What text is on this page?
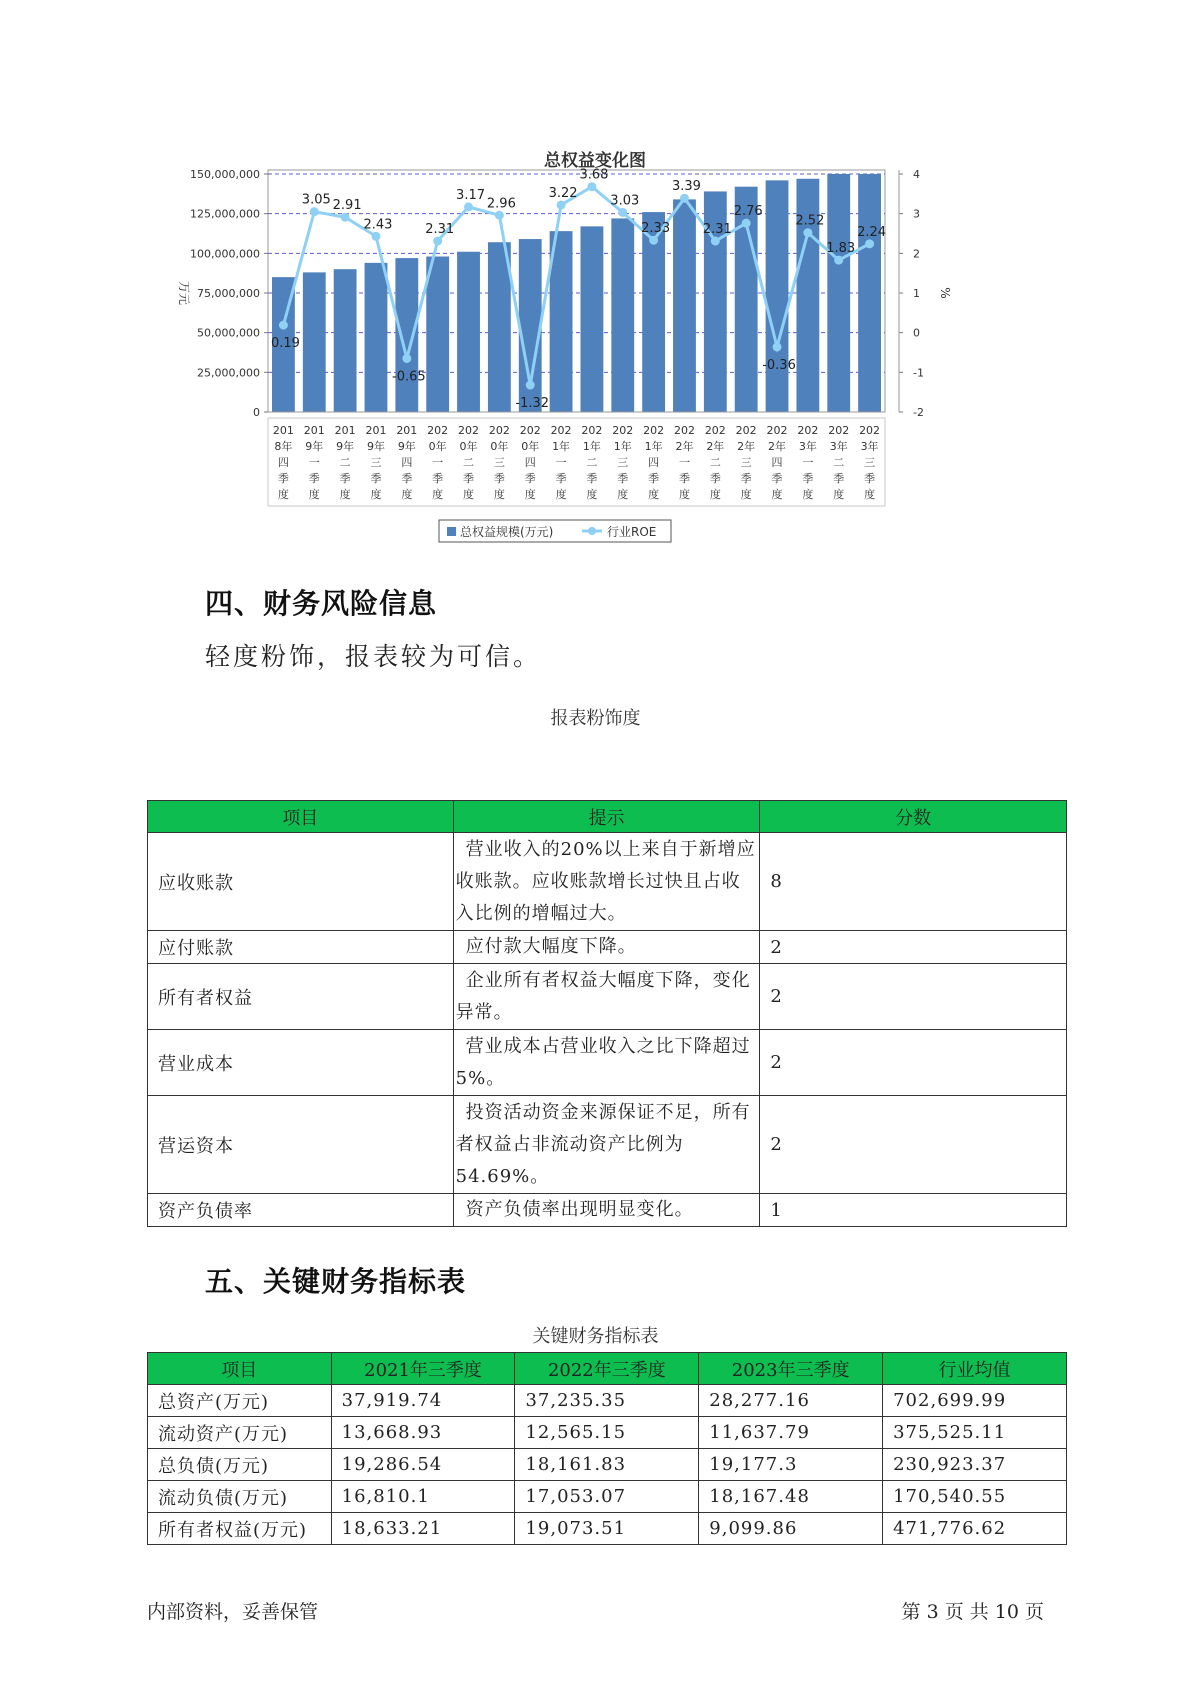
总权益变化图
0
25,000,000
50,000,000
75,000,000
100,000,000
125,000,000
150,000,000
-2
-1
0
1
2
3
4
万元	%
201
8年
四
季
度
201
9年
一
季
度
201
9年
二
季
度
201
9年
三
季
度
201
9年
四
季
度
202
0年
一
季
度
202
0年
二
季
度
202
0年
三
季
度
202
0年
四
季
度
202
1年
一
季
度
202
1年
二
季
度
202
1年
三
季
度
202
1年
四
季
度
202
2年
一
季
度
202
2年
二
季
度
202
2年
三
季
度
202
2年
四
季
度
202
3年
一
季
度
202
3年
二
季
度
202
3年
三
季
度
0.19
3.05 2.91
2.43
-0.65
2.31
3.17
2.96
-1.32
3.22
3.68
3.03
2.33
3.39
2.31
2.76
-0.36
2.52
1.83
2.24
总权益规模(万元)	行业ROE
四、财务风险信息
轻度粉饰，报表较为可信。
报表粉饰度
项目	提示	分数
应收账款	营业收入的20%以上来自于新增应收账款。应收账款增长过快且占收入比例的增幅过大。	8
应付账款	应付款大幅度下降。	2
所有者权益	企业所有者权益大幅度下降，变化异常。	2
营业成本	营业成本占营业收入之比下降超过5%。	2
营运资本	投资活动资金来源保证不足，所有者权益占非流动资产比例为54.69%。	2
资产负债率	资产负债率出现明显变化。	1
五、关键财务指标表
关键财务指标表
项目	2021年三季度	2022年三季度	2023年三季度	行业均值
总资产(万元)	37,919.74	37,235.35	28,277.16	702,699.99
流动资产(万元)	13,668.93	12,565.15	11,637.79	375,525.11
总负债(万元)	19,286.54	18,161.83	19,177.3	230,923.37
流动负债(万元)	16,810.1	17,053.07	18,167.48	170,540.55
所有者权益(万元)	18,633.21	19,073.51	9,099.86	471,776.62
内部资料，妥善保管	第 3 页 共 10 页
